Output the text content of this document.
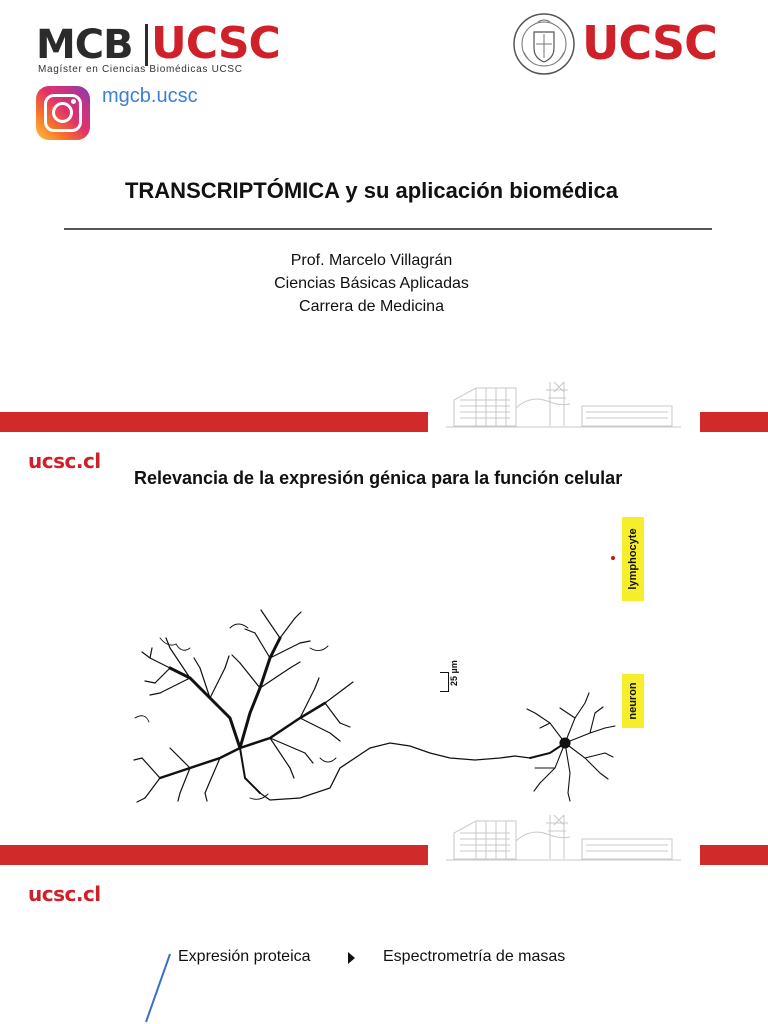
MCB UCSC
Magíster en Ciencias Biomédicas UCSC	UCSC
mgcb.ucsc
TRANSCRIPTÓMICA y su aplicación biomédica
Prof. Marcelo Villagrán
Ciencias Básicas Aplicadas
Carrera de Medicina
ucsc.cl
Relevancia de la expresión génica para la función celular
lymphocyte
neuron
25 µm
ucsc.cl
Expresión proteica	Espectrometría de masas
